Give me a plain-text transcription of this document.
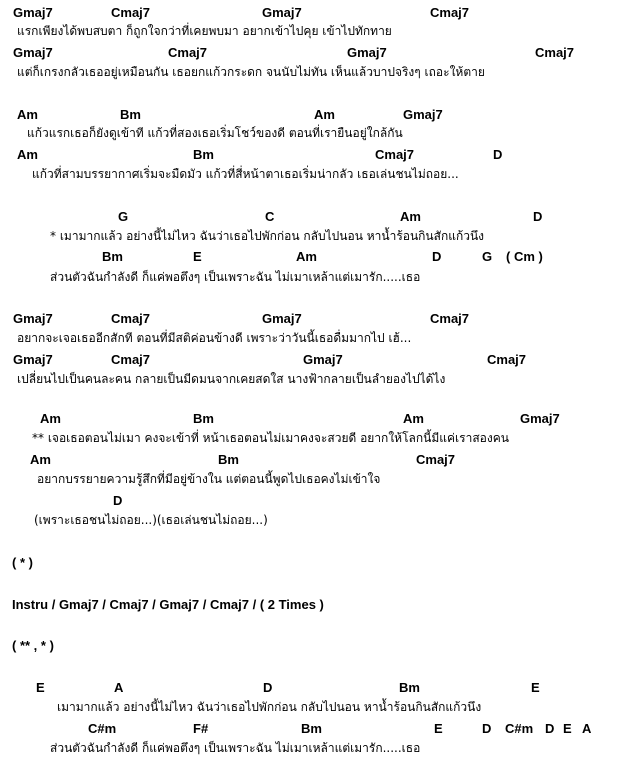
Gmaj7	Cmaj7	Gmaj7	Cmaj7
แรกเพียงได้พบสบตา ก็ถูกใจกว่าที่เคยพบมา อยากเข้าไปคุย เข้าไปทักทาย
Gmaj7	Cmaj7	Gmaj7	Cmaj7
แต่ก็เกรงกลัวเธออยู่เหมือนกัน เธอยกแก้วกระดก จนนับไม่ทัน เห็นแล้วบาปจริงๆ เถอะให้ตาย
Am	Bm	Am	Gmaj7
แก้วแรกเธอก็ยังดูเข้าที แก้วที่สองเธอเริ่มโชว์ของดี ตอนที่เรายืนอยู่ใกล้กัน
Am	Bm	Cmaj7	D
แก้วที่สามบรรยากาศเริ่มจะมืดมัว แก้วที่สี่หน้าตาเธอเริ่มน่ากลัว เธอเล่นชนไม่ถอย...
G	C	Am	D
* เมามากแล้ว อย่างนี้ไม่ไหว ฉันว่าเธอไปพักก่อน กลับไปนอน หาน้ำร้อนกินสักแก้วนึง
Bm	E	Am	D	G ( Cm )
ส่วนตัวฉันกำลังดี ก็แค่พอตึงๆ เป็นเพราะฉัน ไม่เมาเหล้าแต่เมารัก.....เธอ
Gmaj7	Cmaj7	Gmaj7	Cmaj7
อยากจะเจอเธออีกสักที ตอนที่มีสติค่อนข้างดี เพราะว่าวันนี้เธอดื่มมากไป เฮ้...
Gmaj7	Cmaj7	Gmaj7	Cmaj7
เปลี่ยนไปเป็นคนละคน กลายเป็นมีดมนจากเคยสดใส นางฟ้ากลายเป็นลำยองไปได้ไง
Am	Bm	Am	Gmaj7
** เจอเธอตอนไม่เมา คงจะเข้าที่ หน้าเธอตอนไม่เมาคงจะสวยดี อยากให้โลกนี้มีแค่เราสองคน
Am	Bm	Cmaj7
อยากบรรยายความรู้สึกที่มีอยู่ข้างใน แต่ตอนนี้พูดไปเธอคงไม่เข้าใจ
D
(เพราะเธอชนไม่ถอย...)(เธอเล่นชนไม่ถอย...)
( * )
Instru / Gmaj7 / Cmaj7 / Gmaj7 / Cmaj7 / ( 2 Times )
( ** , * )
E	A	D	Bm	E
เมามากแล้ว อย่างนี้ไม่ไหว ฉันว่าเธอไปพักก่อน กลับไปนอน หาน้ำร้อนกินสักแก้วนึง
C#m	F#	Bm	E	D C#m D E A
ส่วนตัวฉันกำลังดี ก็แค่พอตึงๆ เป็นเพราะฉัน ไม่เมาเหล้าแต่เมารัก.....เธอ
